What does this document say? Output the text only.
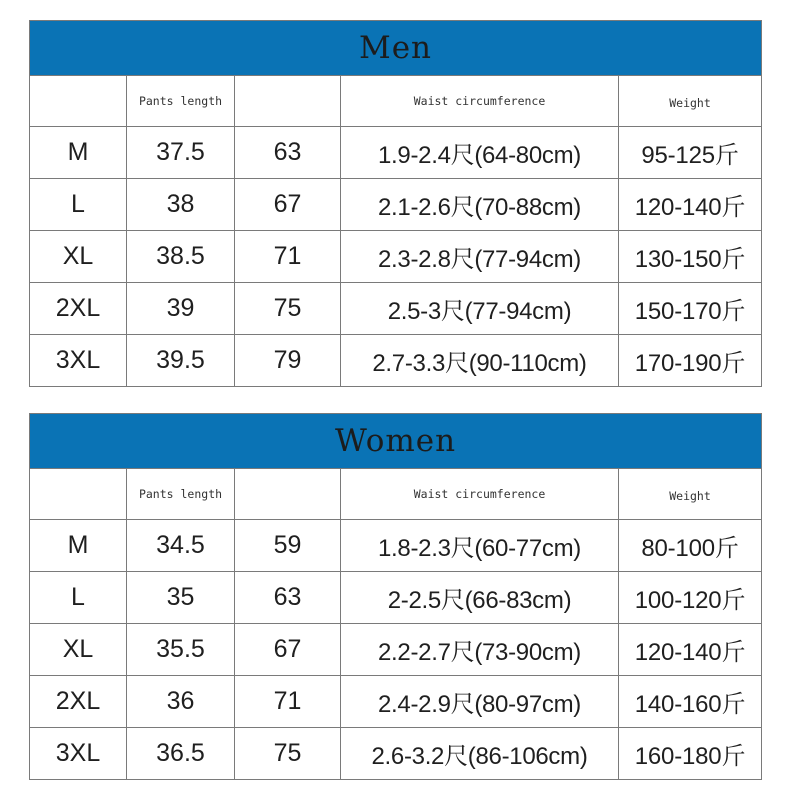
Men				
	Pants length		Waist circumference	Weight
M	37.5	63	1.9-2.4尺(64-80cm)	95-125斤
L	38	67	2.1-2.6尺(70-88cm)	120-140斤
XL	38.5	71	2.3-2.8尺(77-94cm)	130-150斤
2XL	39	75	2.5-3尺(77-94cm)	150-170斤
3XL	39.5	79	2.7-3.3尺(90-110cm)	170-190斤
Women				
	Pants length		Waist circumference	Weight
M	34.5	59	1.8-2.3尺(60-77cm)	80-100斤
L	35	63	2-2.5尺(66-83cm)	100-120斤
XL	35.5	67	2.2-2.7尺(73-90cm)	120-140斤
2XL	36	71	2.4-2.9尺(80-97cm)	140-160斤
3XL	36.5	75	2.6-3.2尺(86-106cm)	160-180斤
